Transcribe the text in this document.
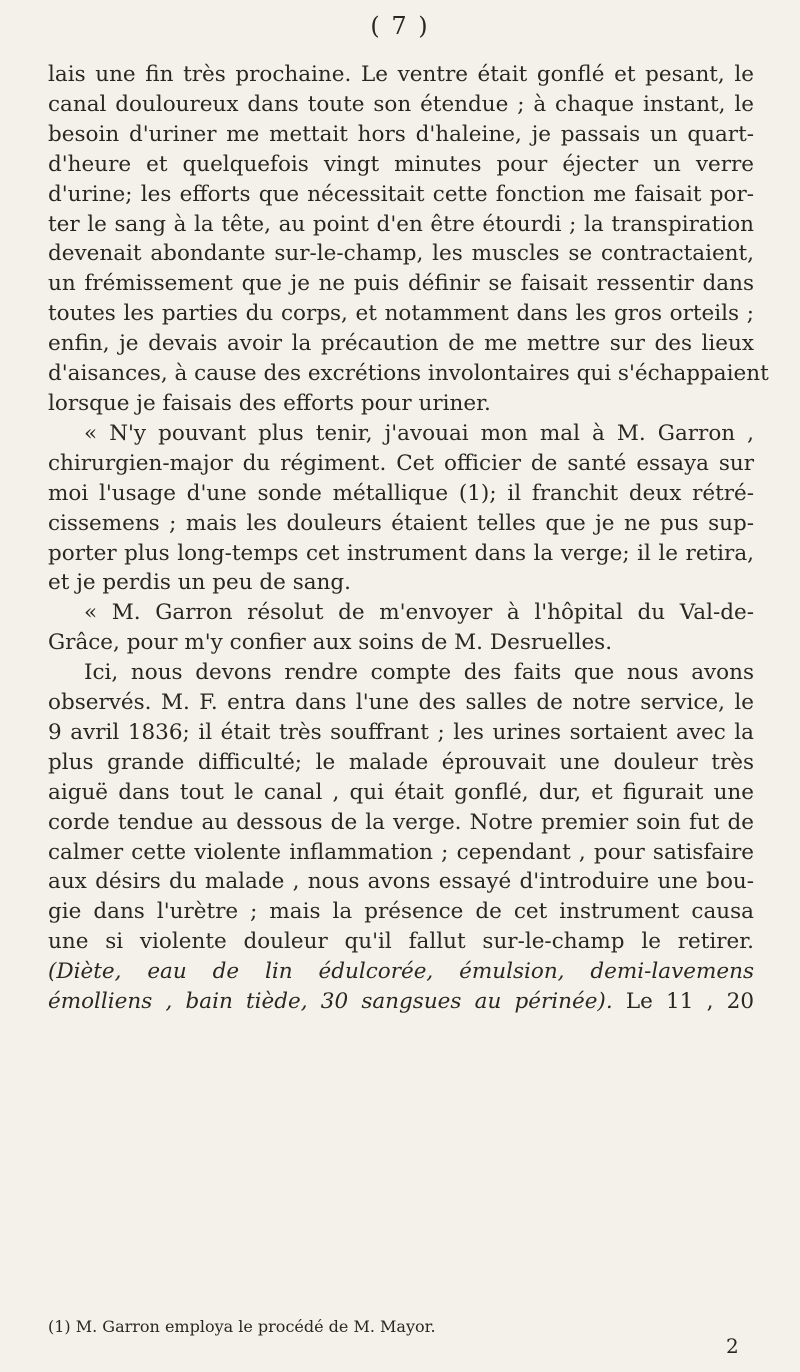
( 7 )
lais une fin très prochaine. Le ventre était gonflé et pesant, le
canal douloureux dans toute son étendue ; à chaque instant, le
besoin d'uriner me mettait hors d'haleine, je passais un quart-
d'heure et quelquefois vingt minutes pour éjecter un verre
d'urine; les efforts que nécessitait cette fonction me faisait por-
ter le sang à la tête, au point d'en être étourdi ; la transpiration
devenait abondante sur-le-champ, les muscles se contractaient,
un frémissement que je ne puis définir se faisait ressentir dans
toutes les parties du corps, et notamment dans les gros orteils ;
enfin, je devais avoir la précaution de me mettre sur des lieux
d'aisances, à cause des excrétions involontaires qui s'échappaient
lorsque je faisais des efforts pour uriner.
« N'y pouvant plus tenir, j'avouai mon mal à M. Garron ,
chirurgien-major du régiment. Cet officier de santé essaya sur
moi l'usage d'une sonde métallique (1); il franchit deux rétré-
cissemens ; mais les douleurs étaient telles que je ne pus sup-
porter plus long-temps cet instrument dans la verge; il le retira,
et je perdis un peu de sang.
« M. Garron résolut de m'envoyer à l'hôpital du Val-de-
Grâce, pour m'y confier aux soins de M. Desruelles.
Ici, nous devons rendre compte des faits que nous avons
observés. M. F. entra dans l'une des salles de notre service, le
9 avril 1836; il était très souffrant ; les urines sortaient avec la
plus grande difficulté; le malade éprouvait une douleur très
aiguë dans tout le canal , qui était gonflé, dur, et figurait une
corde tendue au dessous de la verge. Notre premier soin fut de
calmer cette violente inflammation ; cependant , pour satisfaire
aux désirs du malade , nous avons essayé d'introduire une bou-
gie dans l'urètre ; mais la présence de cet instrument causa
une si violente douleur qu'il fallut sur-le-champ le retirer.
(Diète, eau de lin édulcorée, émulsion, demi-lavemens
émolliens , bain tiède, 30 sangsues au périnée). Le 11 , 20
(1) M. Garron employa le procédé de M. Mayor.
2
